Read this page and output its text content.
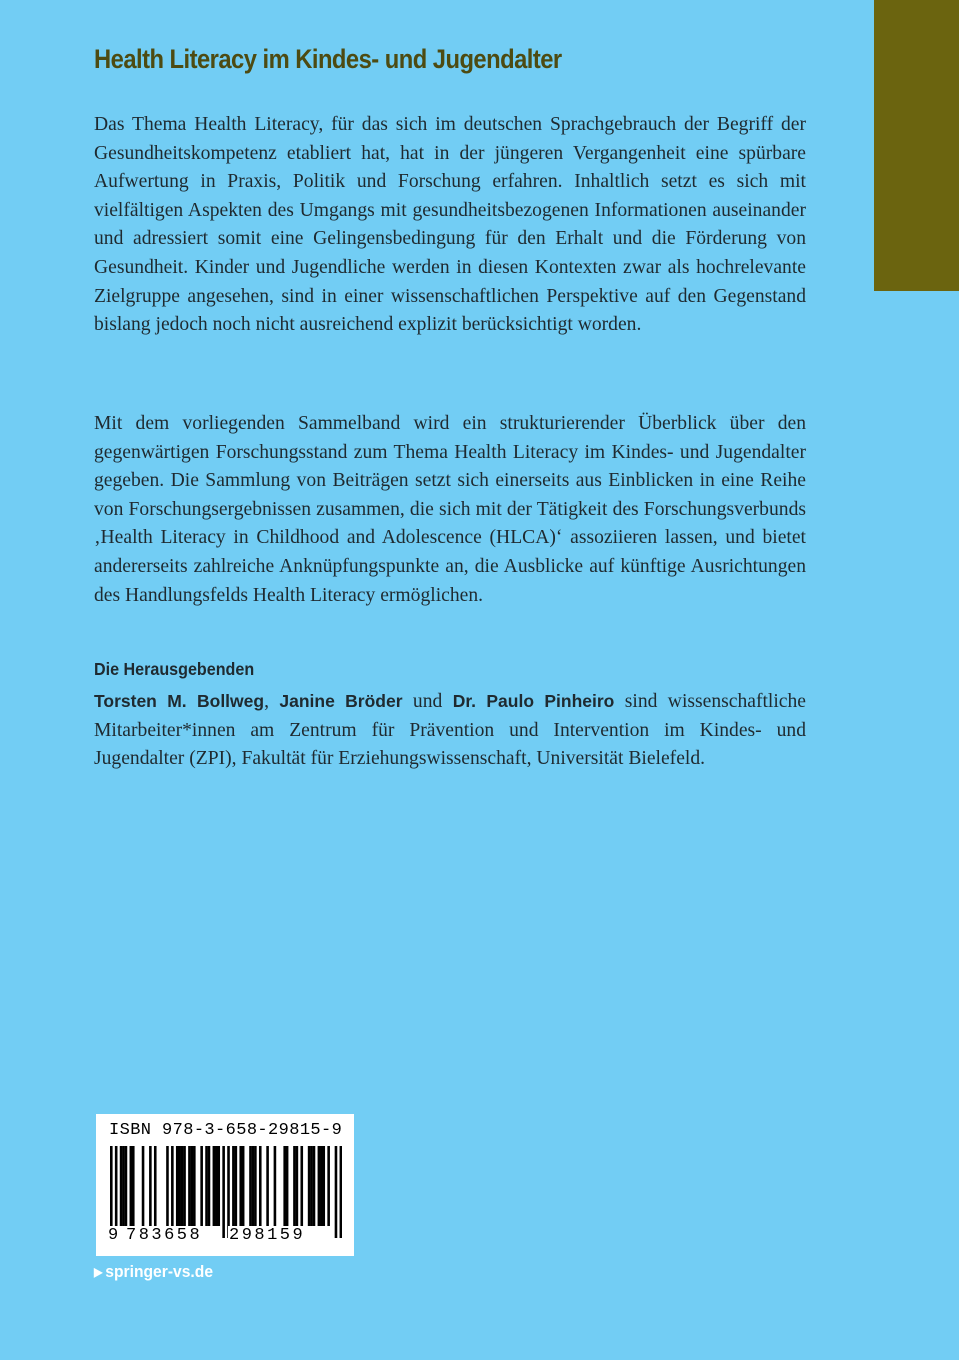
Health Literacy im Kindes- und Jugendalter

Das Thema Health Literacy, für das sich im deutschen Sprachgebrauch der Begriff der Gesundheitskompetenz etabliert hat, hat in der jüngeren Vergangenheit eine spürbare Aufwertung in Praxis, Politik und Forschung erfahren. Inhaltlich setzt es sich mit vielfältigen Aspekten des Umgangs mit gesundheitsbezogenen Informationen auseinander und adressiert somit eine Gelingensbedingung für den Erhalt und die Förderung von Gesundheit. Kinder und Jugendliche werden in diesen Kontexten zwar als hochrelevante Zielgruppe angesehen, sind in einer wissenschaftlichen Perspektive auf den Gegenstand bislang jedoch noch nicht ausreichend explizit berücksichtigt worden.

Mit dem vorliegenden Sammelband wird ein strukturierender Überblick über den gegenwärtigen Forschungsstand zum Thema Health Literacy im Kindes- und Jugendalter gegeben. Die Sammlung von Beiträgen setzt sich einerseits aus Einblicken in eine Reihe von Forschungsergebnissen zusammen, die sich mit der Tätigkeit des Forschungsverbunds ‚Health Literacy in Childhood and Adolescence (HLCA)‘ assoziieren lassen, und bietet andererseits zahlreiche Anknüpfungspunkte an, die Ausblicke auf künftige Ausrichtungen des Handlungsfelds Health Literacy ermöglichen.

Die Herausgebenden

Torsten M. Bollweg, Janine Bröder und Dr. Paulo Pinheiro sind wissenschaftliche Mitarbeiter*innen am Zentrum für Prävention und Intervention im Kindes- und Jugendalter (ZPI), Fakultät für Erziehungswissenschaft, Universität Bielefeld.

ISBN 978-3-658-29815-9
9 783658 298159
▶ springer-vs.de
